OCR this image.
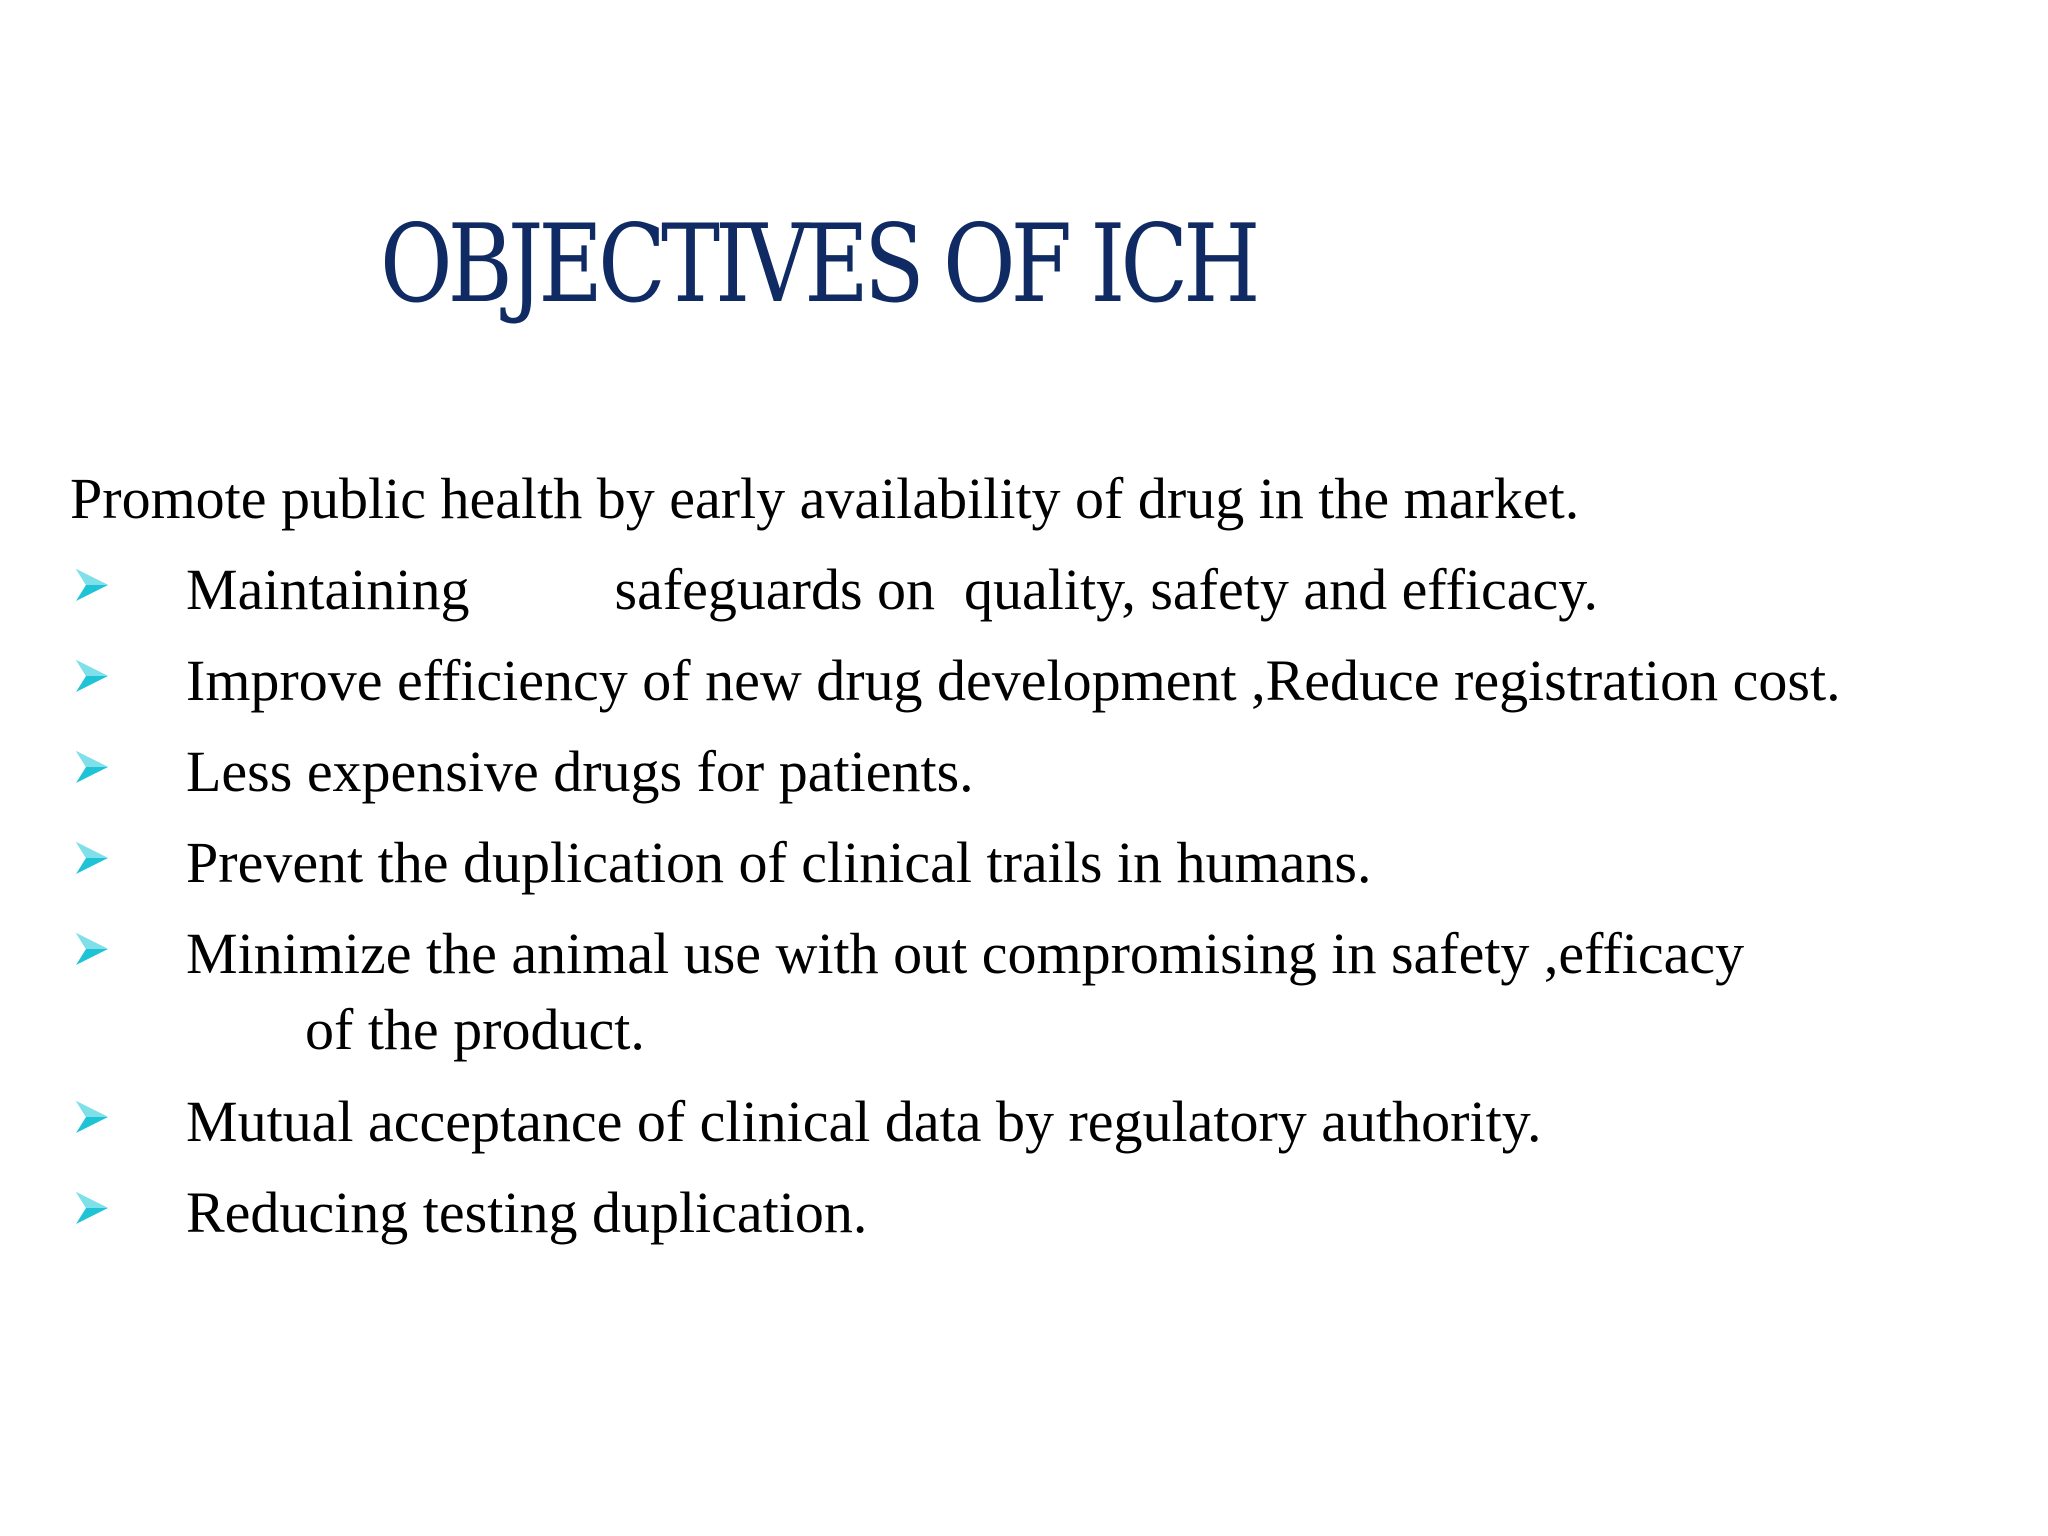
OBJECTIVES OF ICH

Promote public health by early availability of drug in the market.

Maintaining          safeguards on  quality, safety and efficacy.

Improve efficiency of new drug development ,Reduce registration cost.

Less expensive drugs for patients.

Prevent the duplication of clinical trails in humans.

Minimize the animal use with out compromising in safety ,efficacy

of the product.

Mutual acceptance of clinical data by regulatory authority.

Reducing testing duplication.
